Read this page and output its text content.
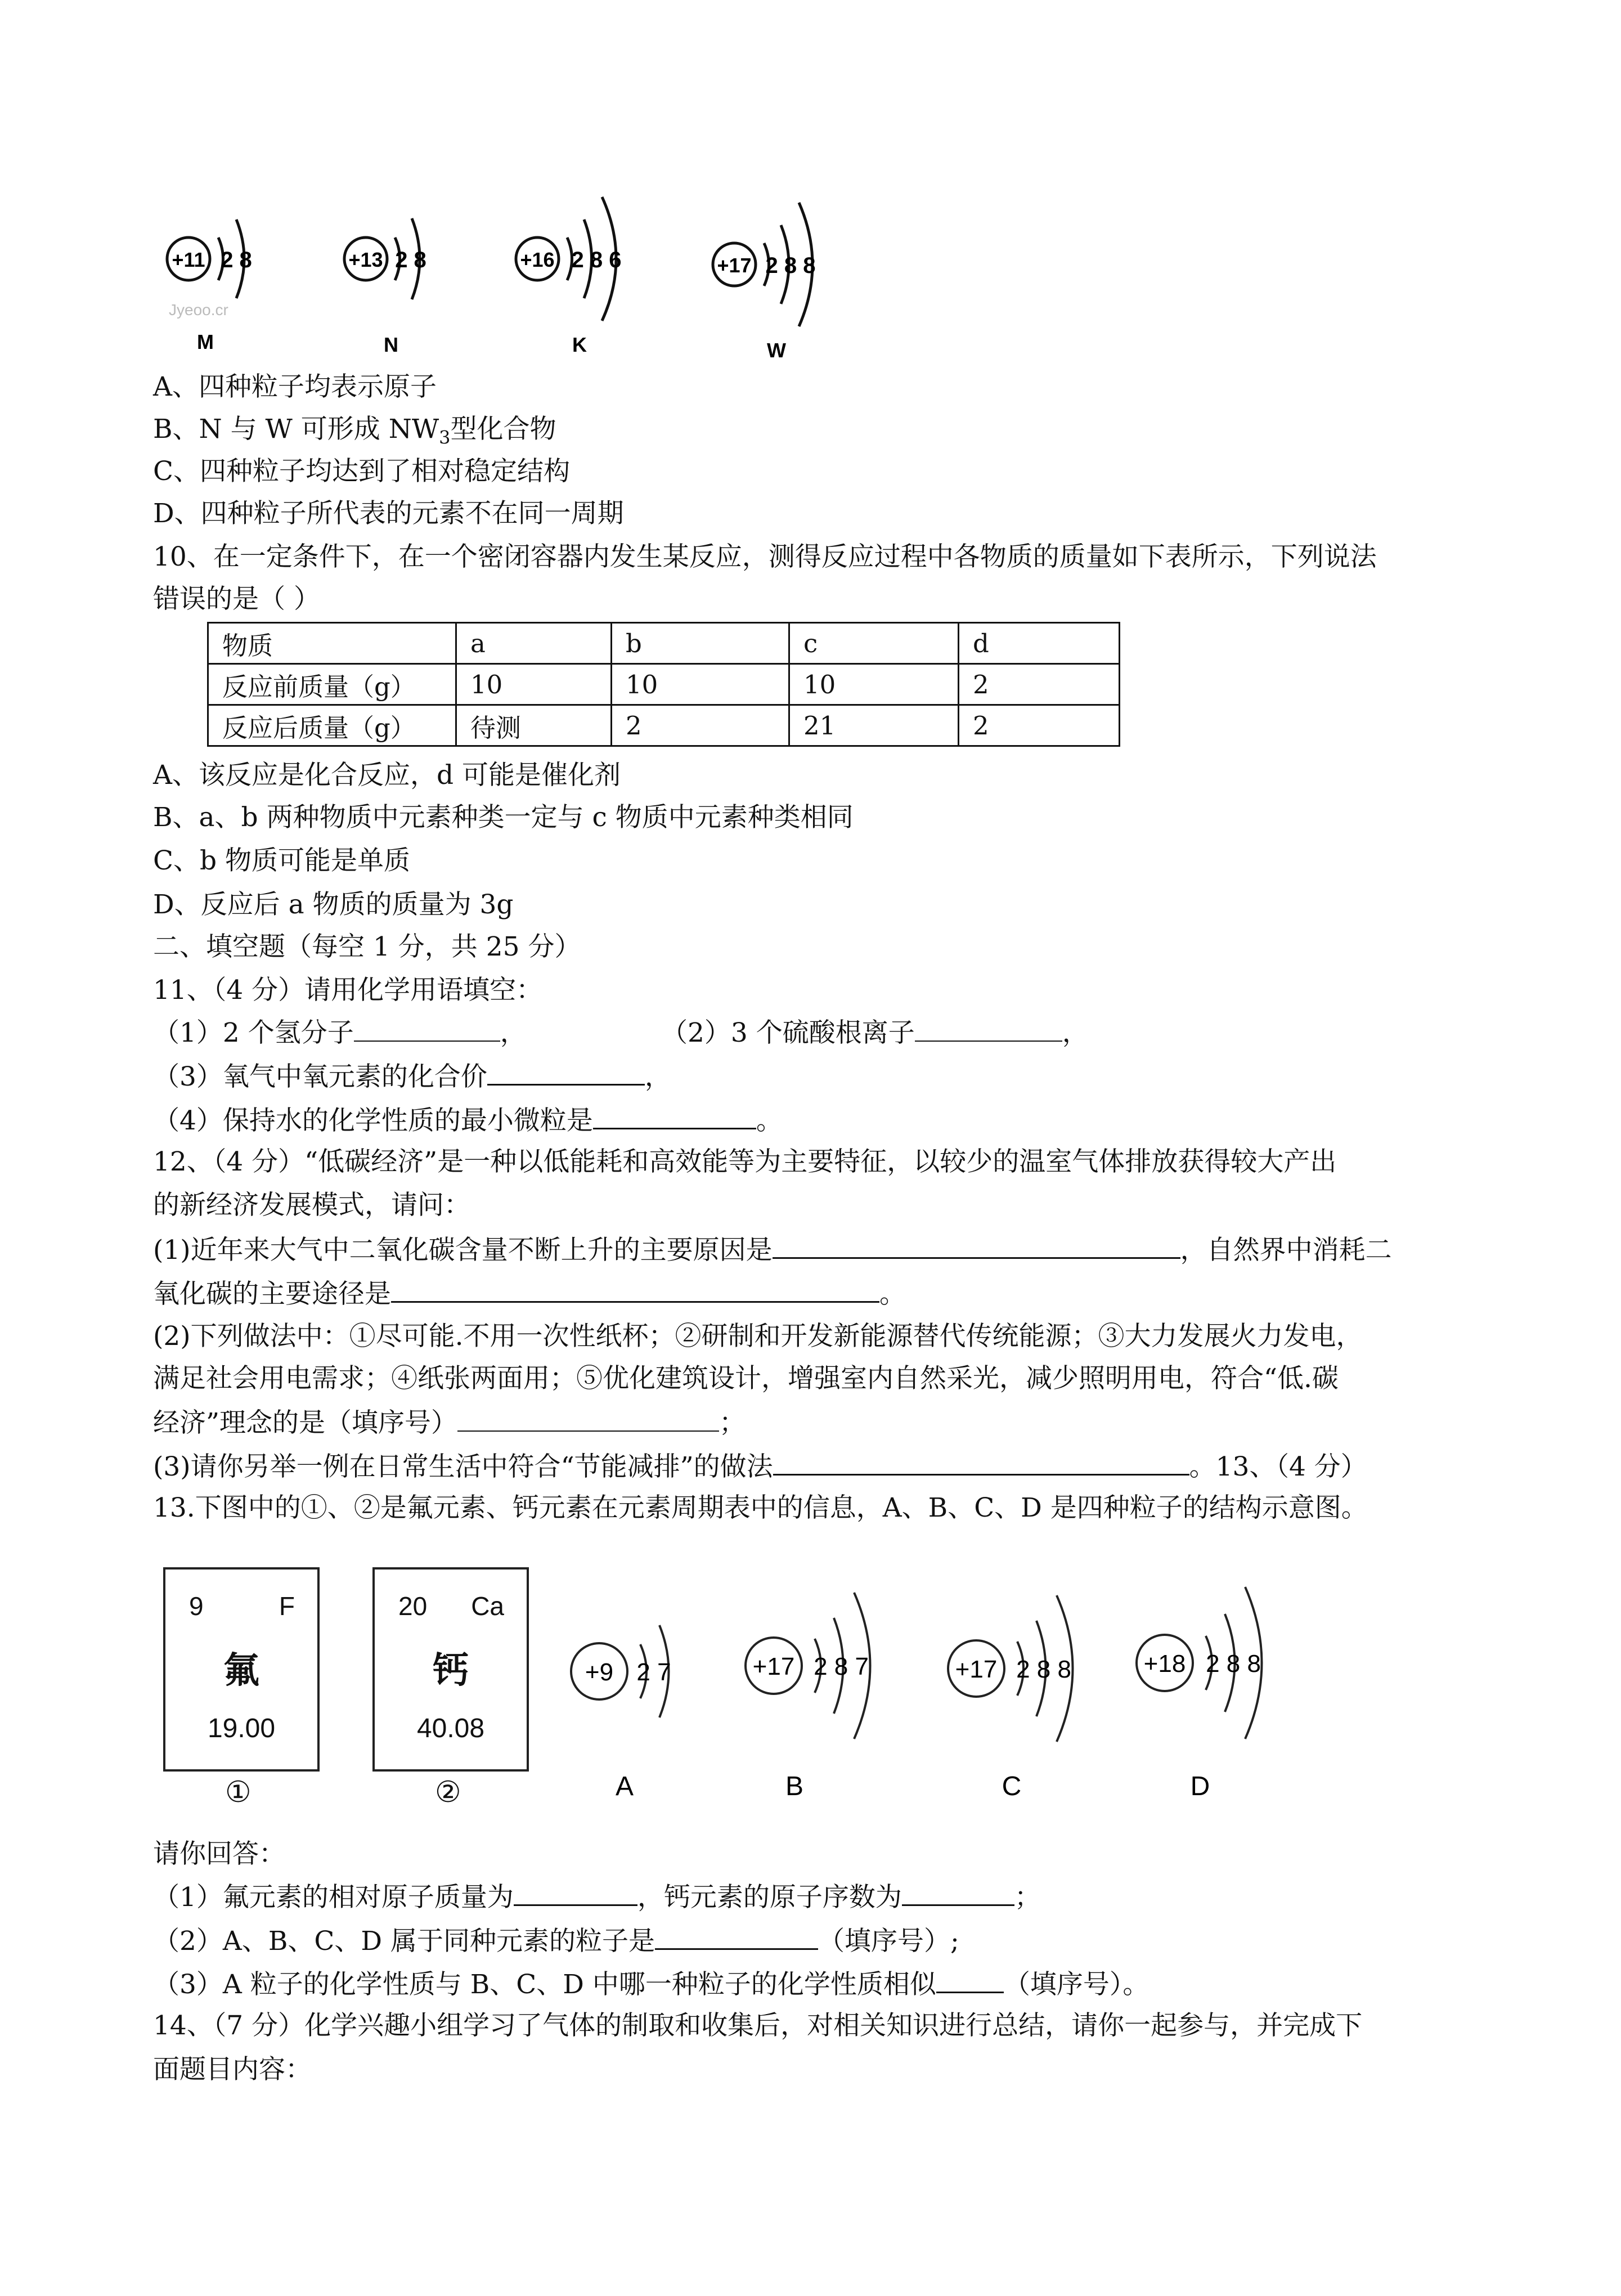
+11 2 8
M
Jyeoo.cr
+13 2 8
N
+16 2 8 6
K
+17 2 8 8
W
A、四种粒子均表示原子
B、N 与 W 可形成 $NW_3$型化合物
C、四种粒子均达到了相对稳定结构
D、四种粒子所代表的元素不在同一周期
10、在一定条件下，在一个密闭容器内发生某反应，测得反应过程中各物质的质量如下表所示，下列说法
错误的是（ ）
物质	a	b	c	d
反应前质量（g）	10	10	10	2
反应后质量（g）	待测	2	21	2
A、该反应是化合反应，d 可能是催化剂
B、a、b 两种物质中元素种类一定与 c 物质中元素种类相同
C、b 物质可能是单质
D、反应后 a 物质的质量为 3g
二、填空题（每空 1 分，共 25 分）
11、（4 分）请用化学用语填空：
（1）2 个氢分子	，	（2）3 个硫酸根离子	，
（3）氧气中氧元素的化合价	，
（4）保持水的化学性质的最小微粒是	。
12、（4 分）“低碳经济”是一种以低能耗和高效能等为主要特征，以较少的温室气体排放获得较大产出
的新经济发展模式，请问：
(1)近年来大气中二氧化碳含量不断上升的主要原因是	，自然界中消耗二
氧化碳的主要途径是	。
(2)下列做法中：①尽可能.不用一次性纸杯；②研制和开发新能源替代传统能源；③大力发展火力发电，
满足社会用电需求；④纸张两面用；⑤优化建筑设计，增强室内自然采光，减少照明用电，符合“低.碳
经济”理念的是（填序号）	；
(3)请你另举一例在日常生活中符合“节能减排”的做法	。13、（4 分）
13.下图中的①、②是氟元素、钙元素在元素周期表中的信息，A、B、C、D 是四种粒子的结构示意图。
9	F
氟
19.00
①
20 Ca
钙
40.08
②
+9 2 7
A
+17 2 8 7
B
+17 2 8 8
C
+18 2 8 8
D
请你回答：
（1）氟元素的相对原子质量为	，钙元素的原子序数为	；
（2）A、B、C、D 属于同种元素的粒子是	（填序号）;
（3）A 粒子的化学性质与 B、C、D 中哪一种粒子的化学性质相似	（填序号）。
14、（7 分）化学兴趣小组学习了气体的制取和收集后，对相关知识进行总结，请你一起参与，并完成下
面题目内容：
